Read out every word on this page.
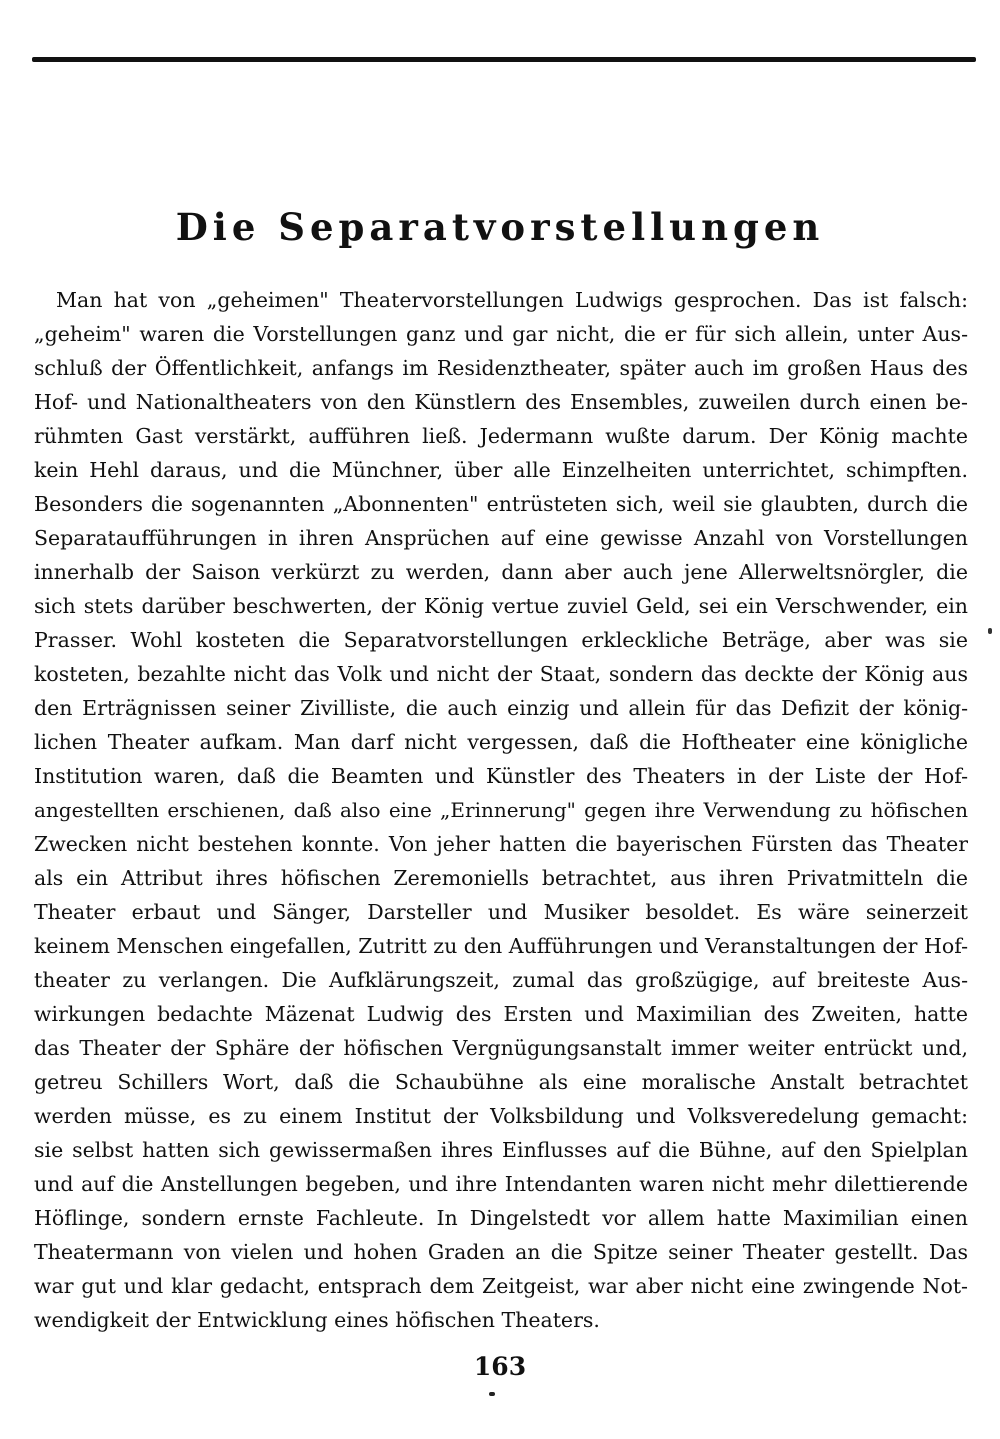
Die Separatvorstellungen
Man hat von „geheimen" Theatervorstellungen Ludwigs gesprochen. Das ist falsch:
„geheim" waren die Vorstellungen ganz und gar nicht, die er für sich allein, unter Aus-
schluß der Öffentlichkeit, anfangs im Residenztheater, später auch im großen Haus des
Hof- und Nationaltheaters von den Künstlern des Ensembles, zuweilen durch einen be-
rühmten Gast verstärkt, aufführen ließ. Jedermann wußte darum. Der König machte
kein Hehl daraus, und die Münchner, über alle Einzelheiten unterrichtet, schimpften.
Besonders die sogenannten „Abonnenten" entrüsteten sich, weil sie glaubten, durch die
Separataufführungen in ihren Ansprüchen auf eine gewisse Anzahl von Vorstellungen
innerhalb der Saison verkürzt zu werden, dann aber auch jene Allerweltsnörgler, die
sich stets darüber beschwerten, der König vertue zuviel Geld, sei ein Verschwender, ein
Prasser. Wohl kosteten die Separatvorstellungen erkleckliche Beträge, aber was sie
kosteten, bezahlte nicht das Volk und nicht der Staat, sondern das deckte der König aus
den Erträgnissen seiner Zivilliste, die auch einzig und allein für das Defizit der könig-
lichen Theater aufkam. Man darf nicht vergessen, daß die Hoftheater eine königliche
Institution waren, daß die Beamten und Künstler des Theaters in der Liste der Hof-
angestellten erschienen, daß also eine „Erinnerung" gegen ihre Verwendung zu höfischen
Zwecken nicht bestehen konnte. Von jeher hatten die bayerischen Fürsten das Theater
als ein Attribut ihres höfischen Zeremoniells betrachtet, aus ihren Privatmitteln die
Theater erbaut und Sänger, Darsteller und Musiker besoldet. Es wäre seinerzeit
keinem Menschen eingefallen, Zutritt zu den Aufführungen und Veranstaltungen der Hof-
theater zu verlangen. Die Aufklärungszeit, zumal das großzügige, auf breiteste Aus-
wirkungen bedachte Mäzenat Ludwig des Ersten und Maximilian des Zweiten, hatte
das Theater der Sphäre der höfischen Vergnügungsanstalt immer weiter entrückt und,
getreu Schillers Wort, daß die Schaubühne als eine moralische Anstalt betrachtet
werden müsse, es zu einem Institut der Volksbildung und Volksveredelung gemacht:
sie selbst hatten sich gewissermaßen ihres Einflusses auf die Bühne, auf den Spielplan
und auf die Anstellungen begeben, und ihre Intendanten waren nicht mehr dilettierende
Höflinge, sondern ernste Fachleute. In Dingelstedt vor allem hatte Maximilian einen
Theatermann von vielen und hohen Graden an die Spitze seiner Theater gestellt. Das
war gut und klar gedacht, entsprach dem Zeitgeist, war aber nicht eine zwingende Not-
wendigkeit der Entwicklung eines höfischen Theaters.
163
